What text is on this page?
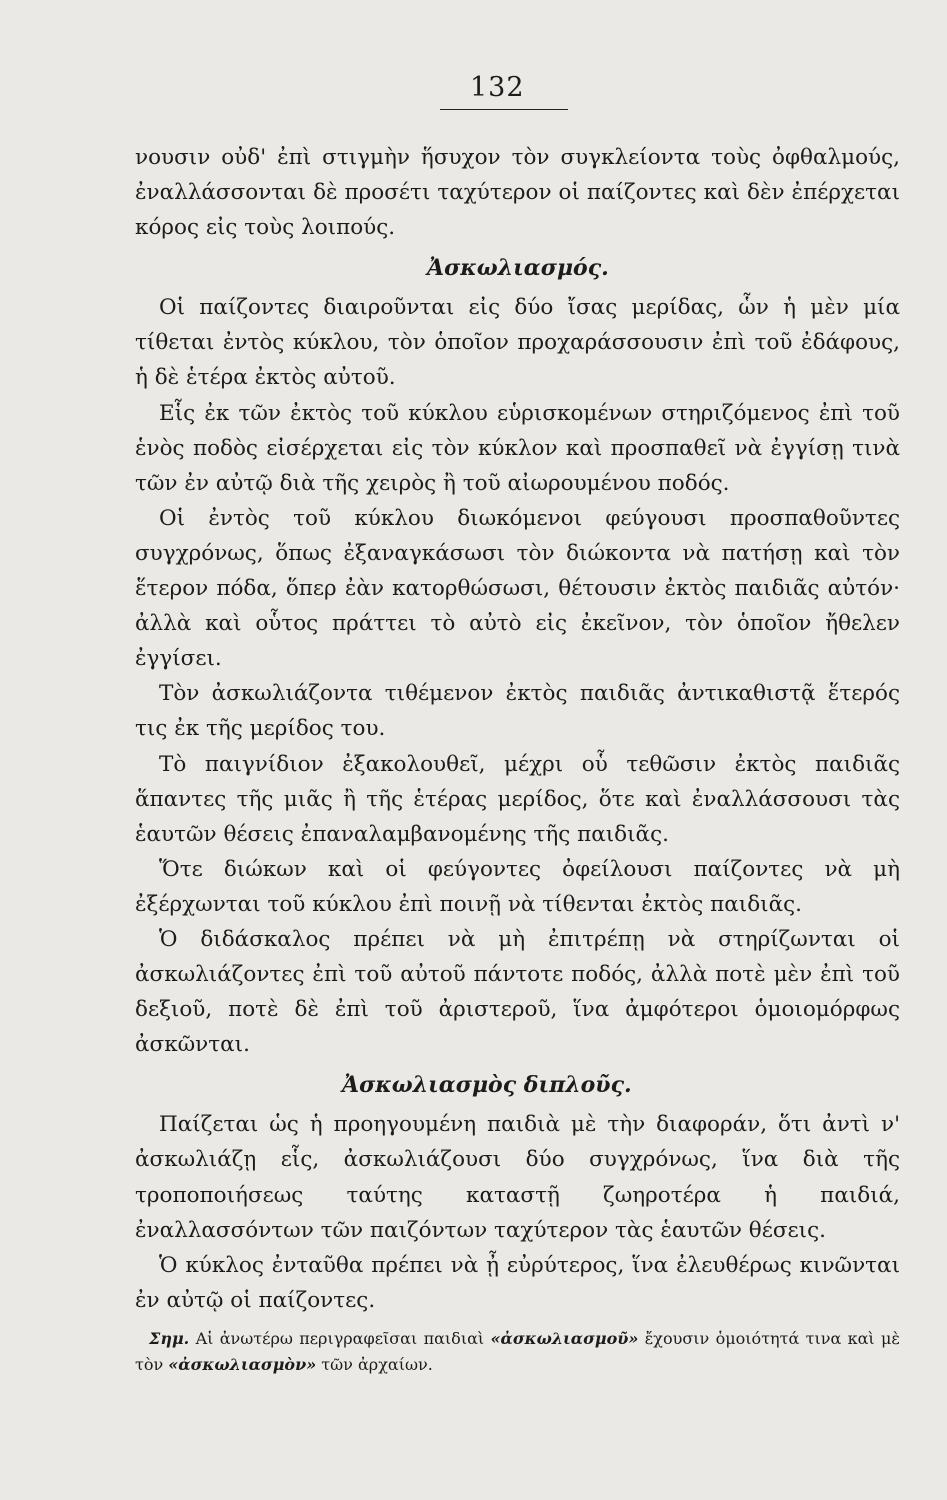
132

νουσιν οὐδ' ἐπὶ στιγμὴν ἥσυχον τὸν συγκλείοντα τοὺς ὀφθαλμούς, ἐναλλάσσονται δὲ προσέτι ταχύτερον οἱ παίζοντες καὶ δὲν ἐπέρχεται κόρος εἰς τοὺς λοιπούς.

Ἀσκωλιασμός.

Οἱ παίζοντες διαιροῦνται εἰς δύο ἴσας μερίδας, ὧν ἡ μὲν μία τίθεται ἐντὸς κύκλου, τὸν ὁποῖον προχαράσσουσιν ἐπὶ τοῦ ἐδάφους, ἡ δὲ ἑτέρα ἐκτὸς αὐτοῦ.

Εἷς ἐκ τῶν ἐκτὸς τοῦ κύκλου εὑρισκομένων στηριζόμενος ἐπὶ τοῦ ἑνὸς ποδὸς εἰσέρχεται εἰς τὸν κύκλον καὶ προσπαθεῖ νὰ ἐγγίσῃ τινὰ τῶν ἐν αὐτῷ διὰ τῆς χειρὸς ἢ τοῦ αἰωρουμένου ποδός.

Οἱ ἐντὸς τοῦ κύκλου διωκόμενοι φεύγουσι προσπαθοῦντες συγχρόνως, ὅπως ἐξαναγκάσωσι τὸν διώκοντα νὰ πατήσῃ καὶ τὸν ἕτερον πόδα, ὅπερ ἐὰν κατορθώσωσι, θέτουσιν ἐκτὸς παιδιᾶς αὐτόν· ἀλλὰ καὶ οὗτος πράττει τὸ αὐτὸ εἰς ἐκεῖνον, τὸν ὁποῖον ἤθελεν ἐγγίσει.

Τὸν ἀσκωλιάζοντα τιθέμενον ἐκτὸς παιδιᾶς ἀντικαθιστᾷ ἕτερός τις ἐκ τῆς μερίδος του.

Τὸ παιγνίδιον ἐξακολουθεῖ, μέχρι οὗ τεθῶσιν ἐκτὸς παιδιᾶς ἅπαντες τῆς μιᾶς ἢ τῆς ἑτέρας μερίδος, ὅτε καὶ ἐναλλάσσουσι τὰς ἑαυτῶν θέσεις ἐπαναλαμβανομένης τῆς παιδιᾶς.

Ὅτε διώκων καὶ οἱ φεύγοντες ὀφείλουσι παίζοντες νὰ μὴ ἐξέρχωνται τοῦ κύκλου ἐπὶ ποινῇ νὰ τίθενται ἐκτὸς παιδιᾶς.

Ὁ διδάσκαλος πρέπει νὰ μὴ ἐπιτρέπῃ νὰ στηρίζωνται οἱ ἀσκωλιάζοντες ἐπὶ τοῦ αὐτοῦ πάντοτε ποδός, ἀλλὰ ποτὲ μὲν ἐπὶ τοῦ δεξιοῦ, ποτὲ δὲ ἐπὶ τοῦ ἀριστεροῦ, ἵνα ἀμφότεροι ὁμοιομόρφως ἀσκῶνται.

Ἀσκωλιασμὸς διπλοῦς.

Παίζεται ὡς ἡ προηγουμένη παιδιὰ μὲ τὴν διαφοράν, ὅτι ἀντὶ ν' ἀσκωλιάζῃ εἷς, ἀσκωλιάζουσι δύο συγχρόνως, ἵνα διὰ τῆς τροποποιήσεως ταύτης καταστῇ ζωηροτέρα ἡ παιδιά, ἐναλλασσόντων τῶν παιζόντων ταχύτερον τὰς ἑαυτῶν θέσεις.

Ὁ κύκλος ἐνταῦθα πρέπει νὰ ᾖ εὐρύτερος, ἵνα ἐλευθέρως κινῶνται ἐν αὐτῷ οἱ παίζοντες.

Σημ. Αἱ ἀνωτέρω περιγραφεῖσαι παιδιαὶ «ἀσκωλιασμοῦ» ἔχουσιν ὁμοιότητά τινα καὶ μὲ τὸν «ἀσκωλιασμὸν» τῶν ἀρχαίων.
